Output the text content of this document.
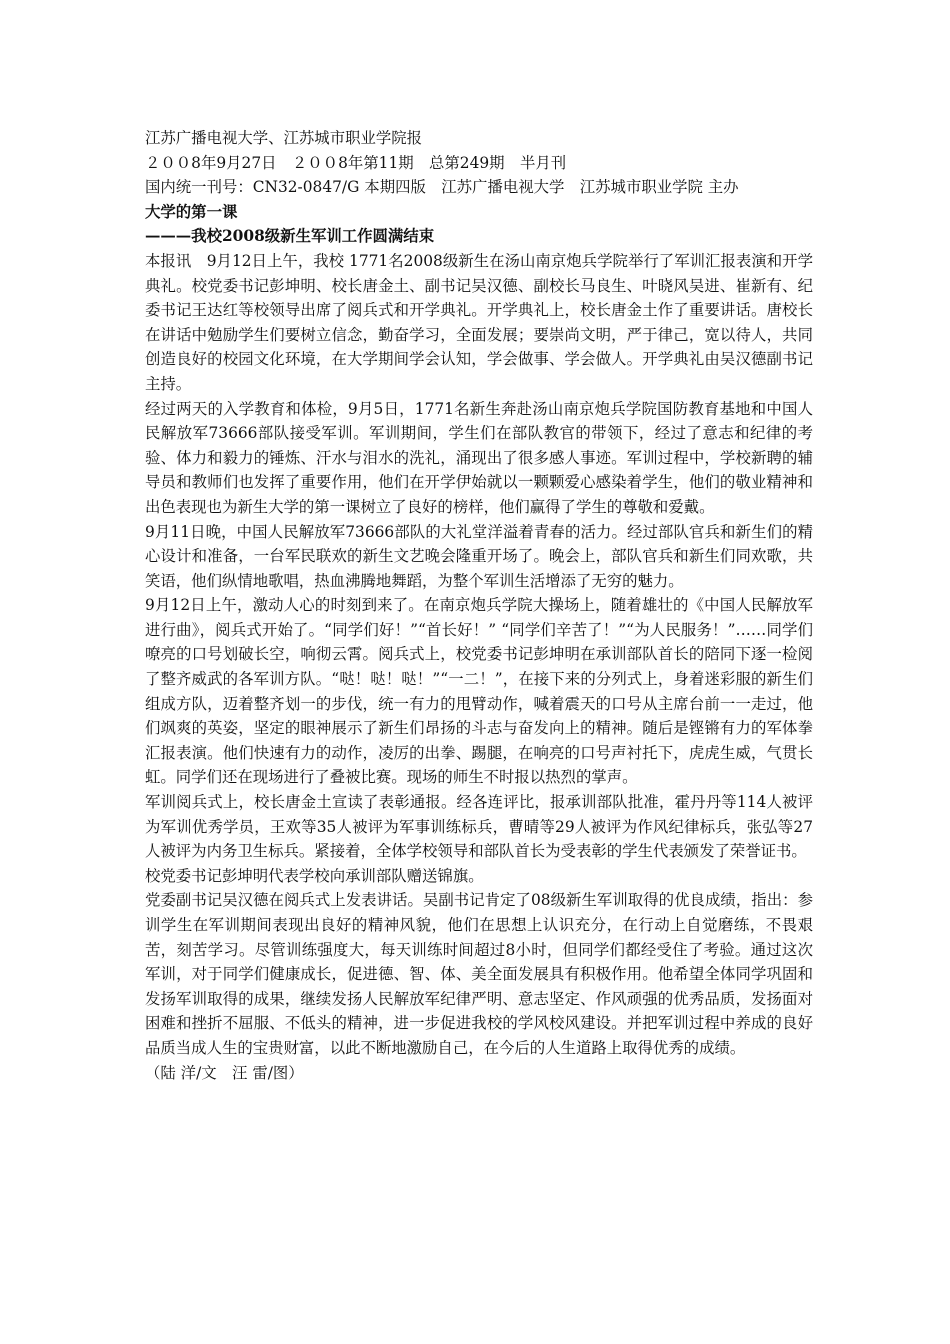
江苏广播电视大学、江苏城市职业学院报

２００8年9月27日　２００8年第11期　总第249期　半月刊

国内统一刊号：CN32-0847/G 本期四版　江苏广播电视大学　江苏城市职业学院 主办

大学的第一课

———我校2008级新生军训工作圆满结束

本报讯　9月12日上午，我校 1771名2008级新生在汤山南京炮兵学院举行了军训汇报表演和开学典礼。校党委书记彭坤明、校长唐金土、副书记吴汉德、副校长马良生、叶晓风吴进、崔新有、纪委书记王达红等校领导出席了阅兵式和开学典礼。开学典礼上，校长唐金土作了重要讲话。唐校长在讲话中勉励学生们要树立信念，勤奋学习，全面发展；要崇尚文明，严于律己，宽以待人，共同创造良好的校园文化环境，在大学期间学会认知，学会做事、学会做人。开学典礼由吴汉德副书记主持。

经过两天的入学教育和体检，9月5日，1771名新生奔赴汤山南京炮兵学院国防教育基地和中国人民解放军73666部队接受军训。军训期间，学生们在部队教官的带领下，经过了意志和纪律的考验、体力和毅力的锤炼、汗水与泪水的洗礼，涌现出了很多感人事迹。军训过程中，学校新聘的辅导员和教师们也发挥了重要作用，他们在开学伊始就以一颗颗爱心感染着学生，他们的敬业精神和出色表现也为新生大学的第一课树立了良好的榜样，他们赢得了学生的尊敬和爱戴。

9月11日晚，中国人民解放军73666部队的大礼堂洋溢着青春的活力。经过部队官兵和新生们的精心设计和准备，一台军民联欢的新生文艺晚会隆重开场了。晚会上，部队官兵和新生们同欢歌，共笑语，他们纵情地歌唱，热血沸腾地舞蹈，为整个军训生活增添了无穷的魅力。

9月12日上午，激动人心的时刻到来了。在南京炮兵学院大操场上，随着雄壮的《中国人民解放军进行曲》，阅兵式开始了。“同学们好！”“首长好！” “同学们辛苦了！”“为人民服务！”……同学们嘹亮的口号划破长空，响彻云霄。阅兵式上，校党委书记彭坤明在承训部队首长的陪同下逐一检阅了整齐威武的各军训方队。“哒！哒！哒！”“一二！”，在接下来的分列式上，身着迷彩服的新生们组成方队，迈着整齐划一的步伐，统一有力的甩臂动作，喊着震天的口号从主席台前一一走过，他们飒爽的英姿，坚定的眼神展示了新生们昂扬的斗志与奋发向上的精神。随后是铿锵有力的军体拳汇报表演。他们快速有力的动作，凌厉的出拳、踢腿，在响亮的口号声衬托下，虎虎生威，气贯长虹。同学们还在现场进行了叠被比赛。现场的师生不时报以热烈的掌声。

军训阅兵式上，校长唐金土宣读了表彰通报。经各连评比，报承训部队批准，霍丹丹等114人被评为军训优秀学员，王欢等35人被评为军事训练标兵，曹晴等29人被评为作风纪律标兵，张弘等27人被评为内务卫生标兵。紧接着，全体学校领导和部队首长为受表彰的学生代表颁发了荣誉证书。

校党委书记彭坤明代表学校向承训部队赠送锦旗。

党委副书记吴汉德在阅兵式上发表讲话。吴副书记肯定了08级新生军训取得的优良成绩，指出：参训学生在军训期间表现出良好的精神风貌，他们在思想上认识充分，在行动上自觉磨练，不畏艰苦，刻苦学习。尽管训练强度大，每天训练时间超过8小时，但同学们都经受住了考验。通过这次军训，对于同学们健康成长，促进德、智、体、美全面发展具有积极作用。他希望全体同学巩固和发扬军训取得的成果，继续发扬人民解放军纪律严明、意志坚定、作风顽强的优秀品质，发扬面对困难和挫折不屈服、不低头的精神，进一步促进我校的学风校风建设。并把军训过程中养成的良好品质当成人生的宝贵财富，以此不断地激励自己，在今后的人生道路上取得优秀的成绩。

（陆 洋/文　汪 雷/图）
